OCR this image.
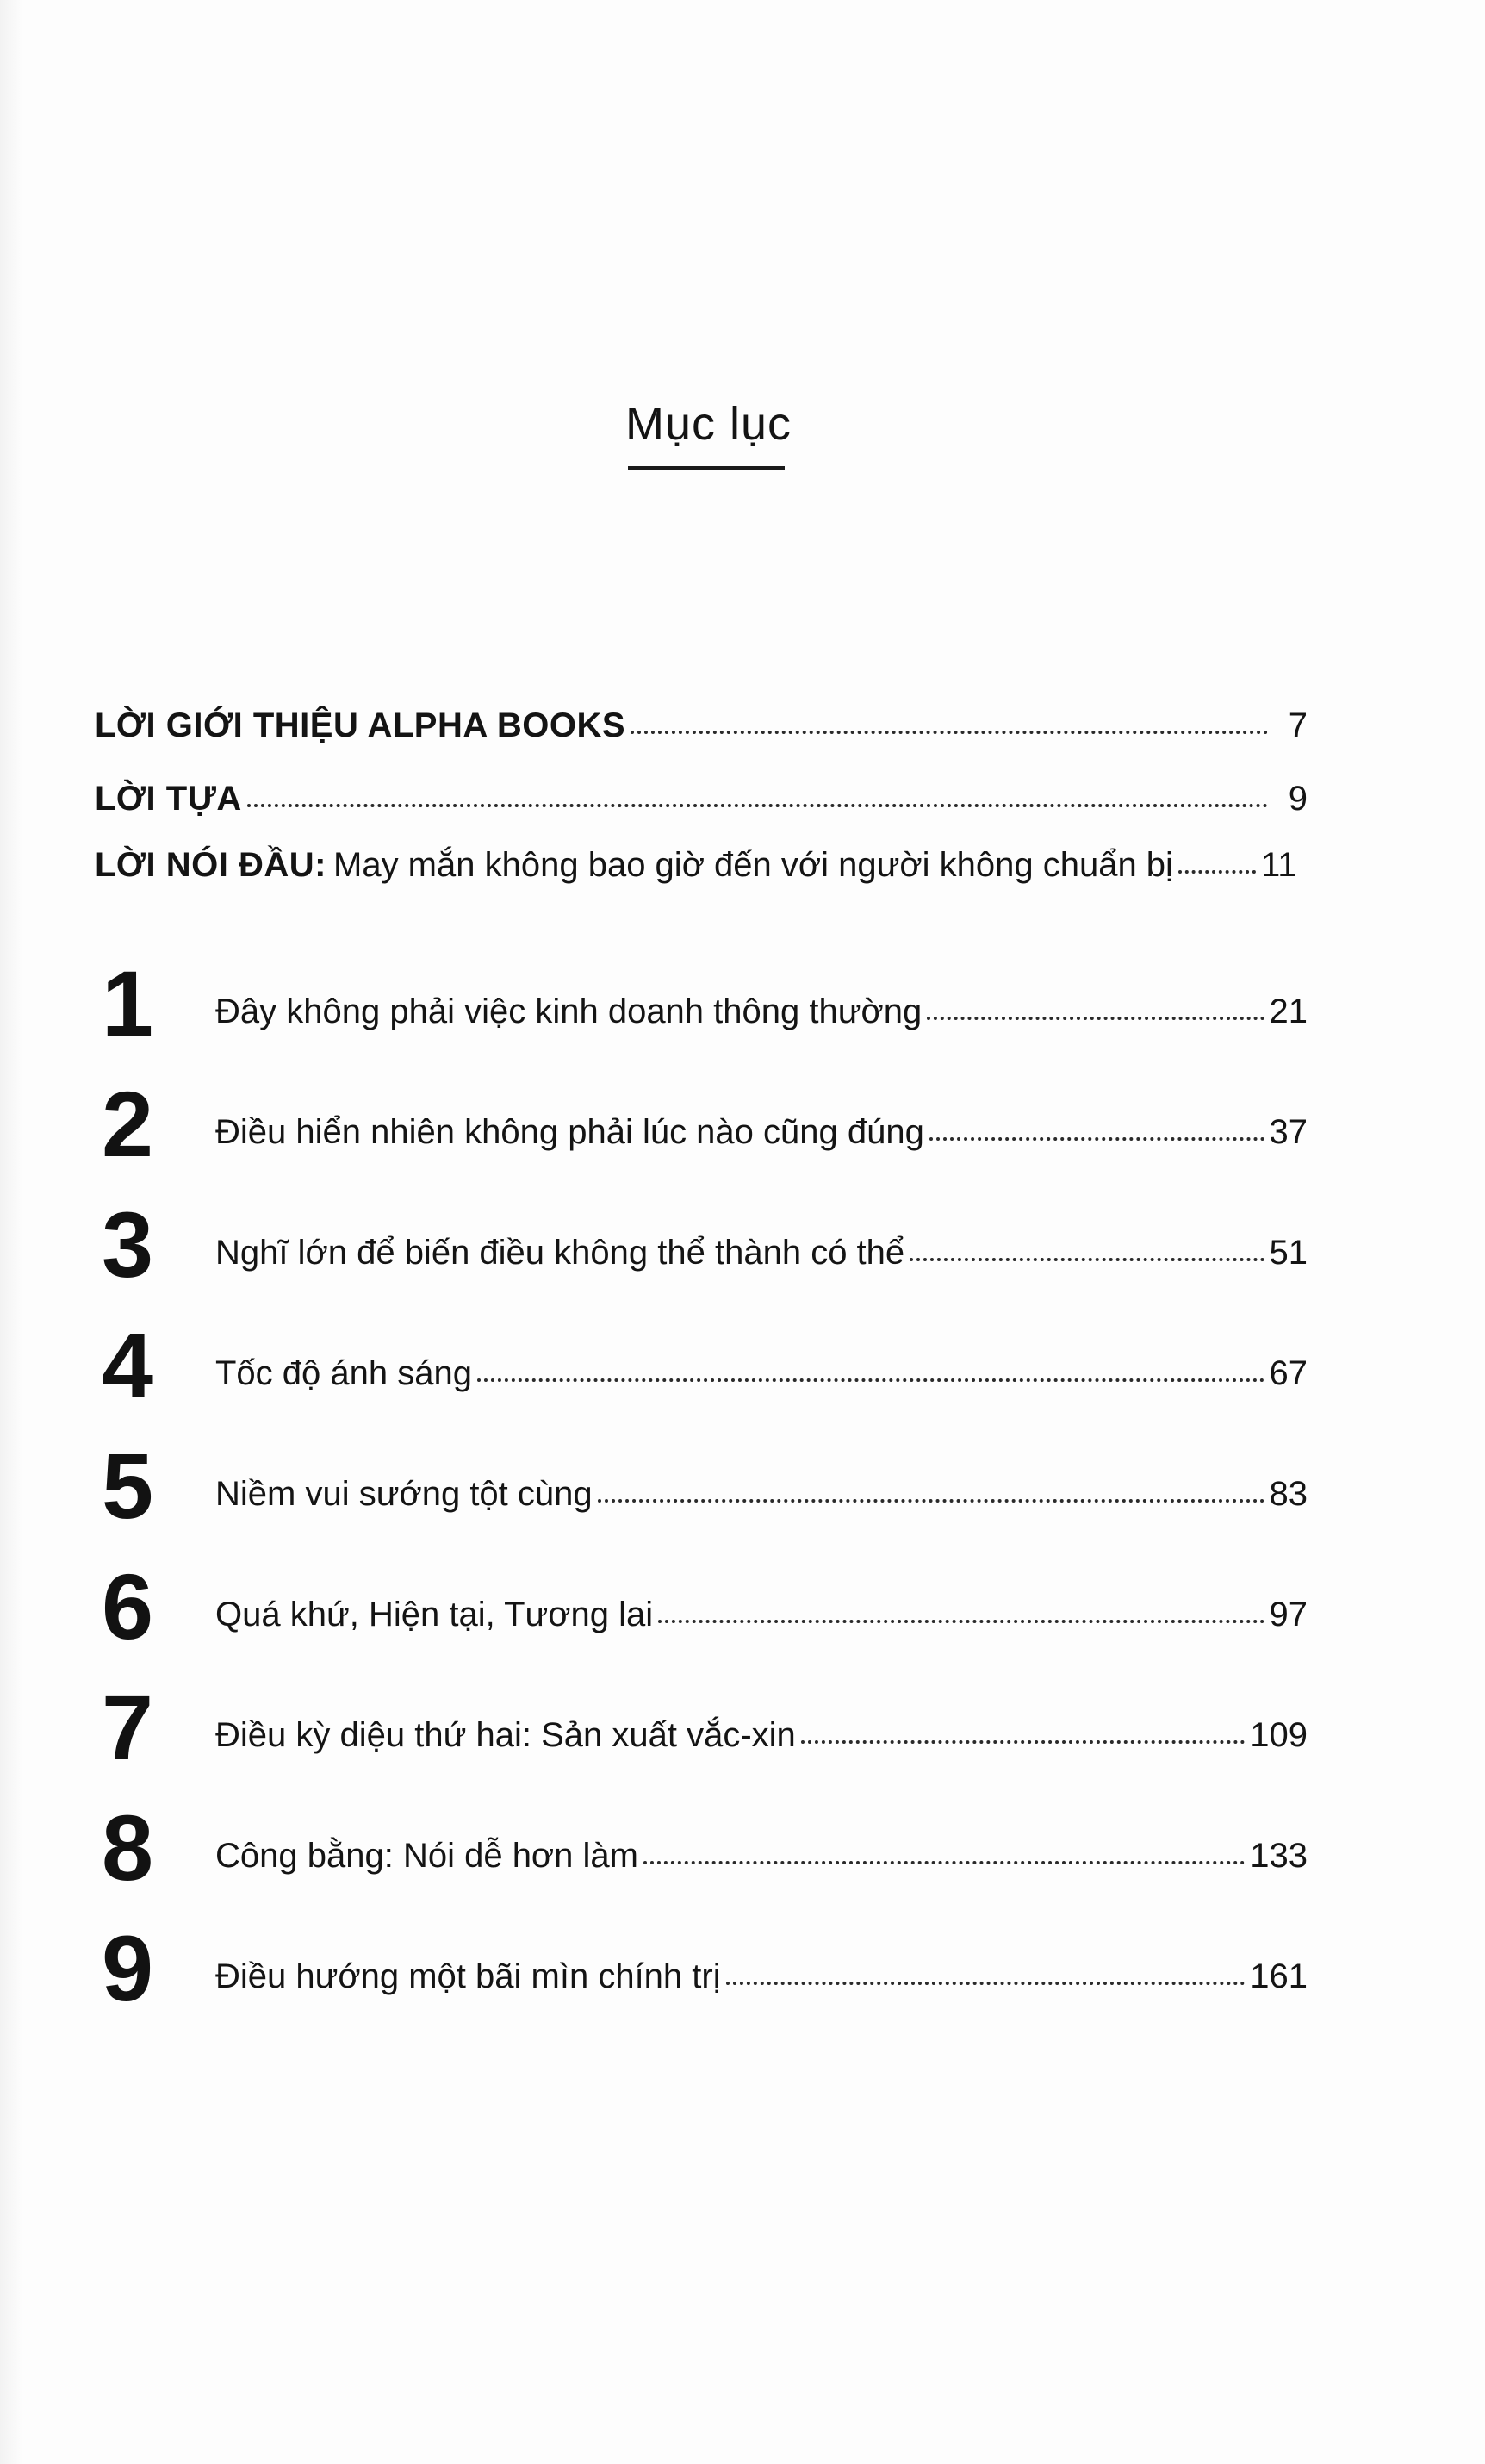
Mục lục
LỜI GIỚI THIỆU ALPHA BOOKS	7
LỜI TỰA	9
LỜI NÓI ĐẦU: May mắn không bao giờ đến với người không chuẩn bị	11
1 Đây không phải việc kinh doanh thông thường	21
2 Điều hiển nhiên không phải lúc nào cũng đúng	37
3 Nghĩ lớn để biến điều không thể thành có thể	51
4 Tốc độ ánh sáng	67
5 Niềm vui sướng tột cùng	83
6 Quá khứ, Hiện tại, Tương lai	97
7 Điều kỳ diệu thứ hai: Sản xuất vắc-xin	109
8 Công bằng: Nói dễ hơn làm	133
9 Điều hướng một bãi mìn chính trị	161
